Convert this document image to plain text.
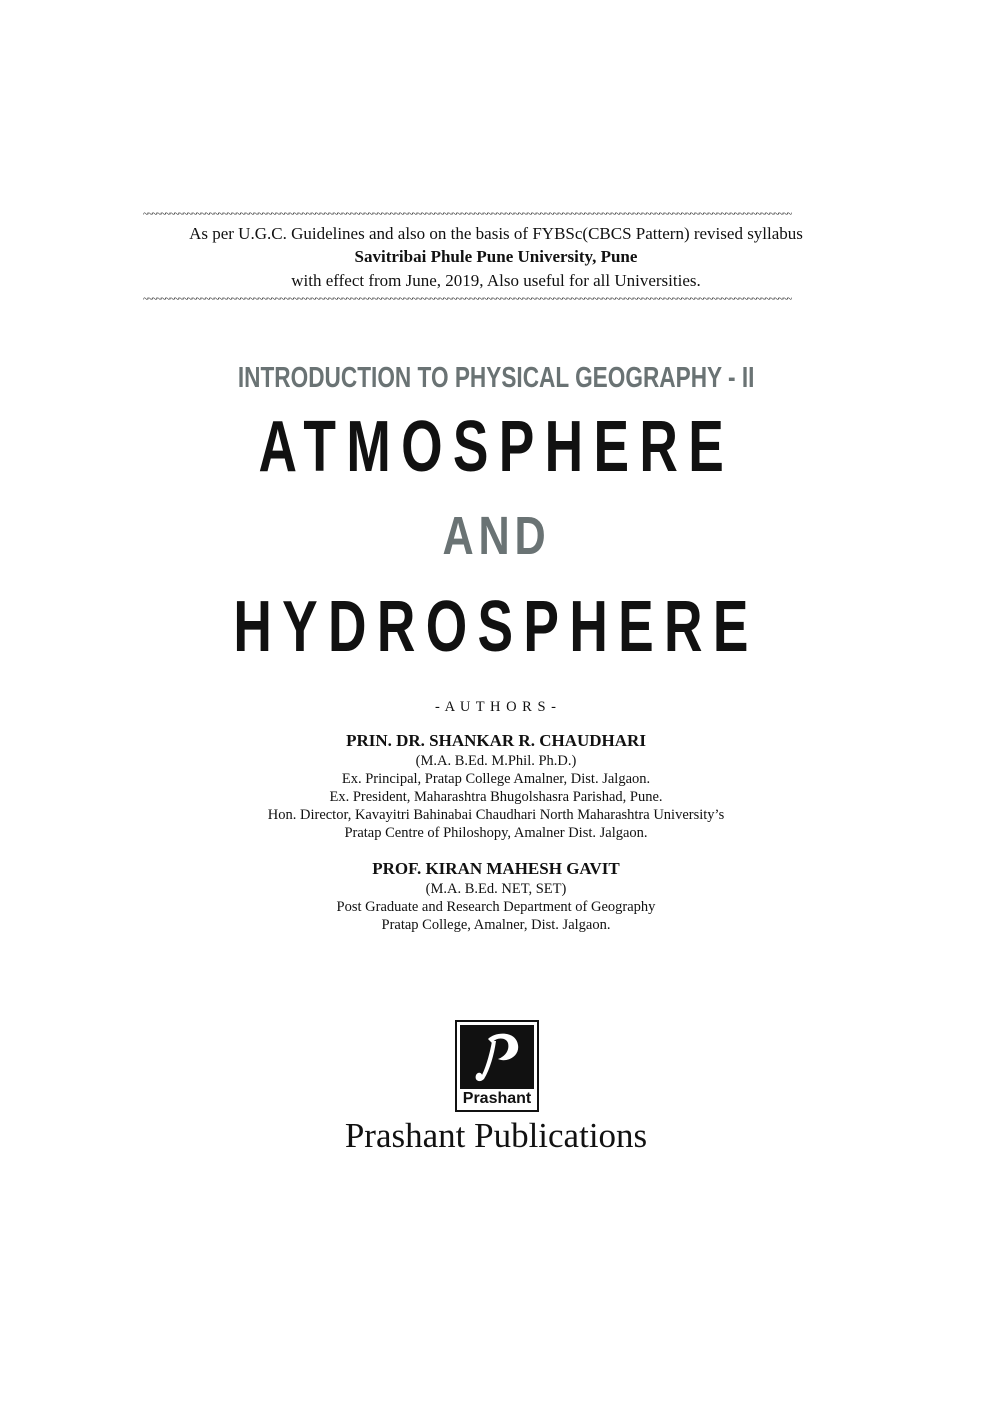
~~~~~~~~~~~~~~~~~~~~~~~~~~~~~~~~~~~~~~~~~~~~~~~~~~~~~~~~~~~~~~~~~~~~~~~~~~~~~~~~~~~~~~~~~~~~~~~~~~~~~~~~~~~~~~~~~~~~~~~~~~~~~~~~~~~~~~~~~~~~~~~~~~~
As per U.G.C. Guidelines and also on the basis of FYBSc(CBCS Pattern) revised syllabus
Savitribai Phule Pune University, Pune
with effect from June, 2019, Also useful for all Universities.
~~~~~~~~~~~~~~~~~~~~~~~~~~~~~~~~~~~~~~~~~~~~~~~~~~~~~~~~~~~~~~~~~~~~~~~~~~~~~~~~~~~~~~~~~~~~~~~~~~~~~~~~~~~~~~~~~~~~~~~~~~~~~~~~~~~~~~~~~~~~~~~~~~~
INTRODUCTION TO PHYSICAL GEOGRAPHY - II
ATMOSPHERE
AND
HYDROSPHERE
- A U T H O R S -
PRIN. DR. SHANKAR R. CHAUDHARI
(M.A. B.Ed. M.Phil. Ph.D.)
Ex. Principal, Pratap College Amalner, Dist. Jalgaon.
Ex. President, Maharashtra Bhugolshasra Parishad, Pune.
Hon. Director, Kavayitri Bahinabai Chaudhari North Maharashtra University’s
Pratap Centre of Philoshopy, Amalner Dist. Jalgaon.
PROF. KIRAN MAHESH GAVIT
(M.A. B.Ed. NET, SET)
Post Graduate and Research Department of Geography
Pratap College, Amalner, Dist. Jalgaon.
Prashant
Prashant Publications
